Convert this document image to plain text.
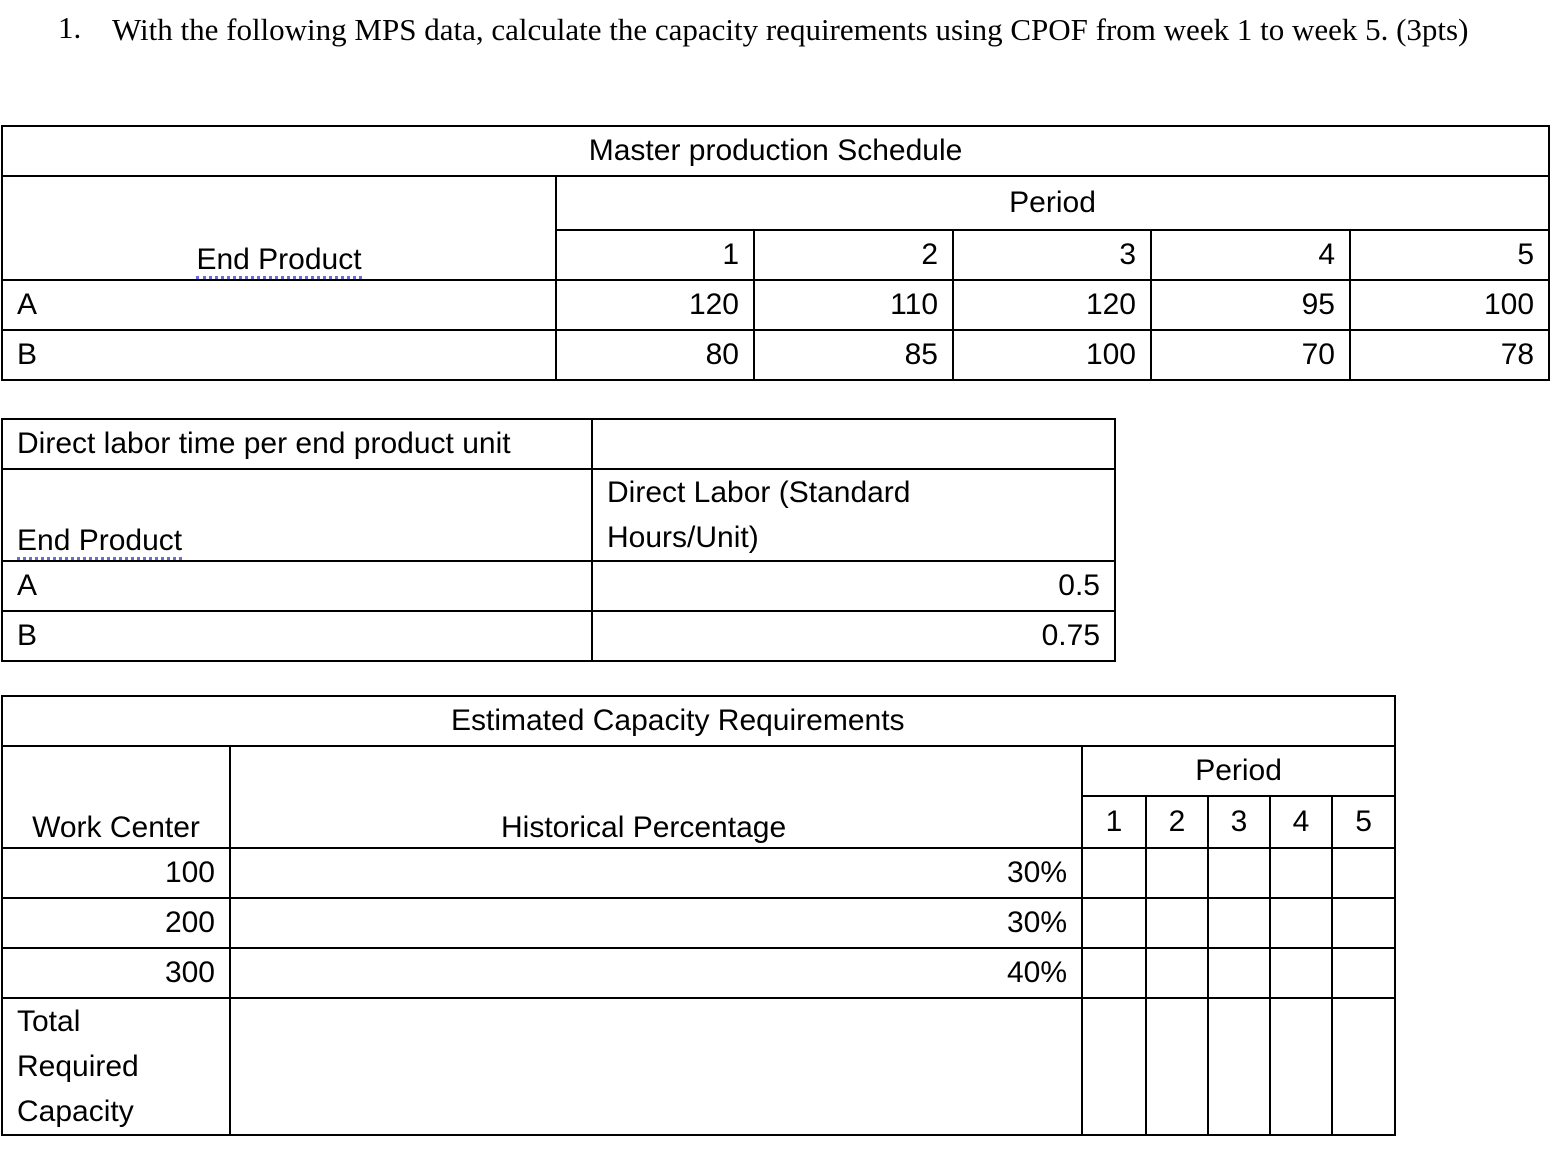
1. With the following MPS data, calculate the capacity requirements using CPOF from week 1 to week 5. (3pts)
Master production Schedule					
End Product	Period				
	1	2	3	4	5
A	120	110	120	95	100
B	80	85	100	70	78
Direct labor time per end product unit	
End Product	Direct Labor (Standard
Hours/Unit)

A	0.5
B	0.75
Estimated Capacity Requirements						
Work Center	Historical Percentage	Period				
		1	2	3	4	5
100	30%					
200	30%					
300	40%					

Total
Required
Capacity						
